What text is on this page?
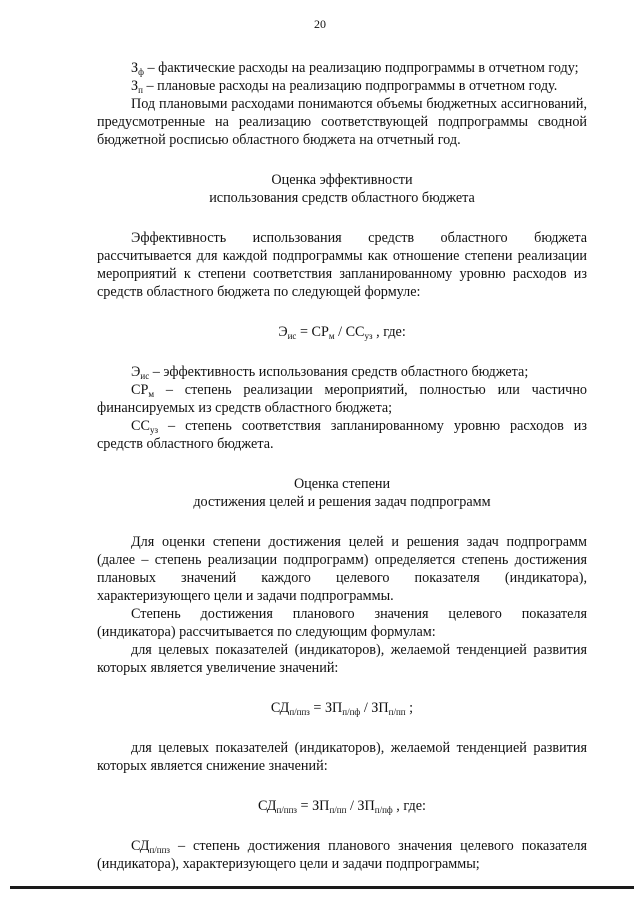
20

$З_ф$ – фактические расходы на реализацию подпрограммы в отчетном году;

$З_п$ – плановые расходы на реализацию подпрограммы в отчетном году.

Под плановыми расходами понимаются объемы бюджетных ассигнований, предусмотренные на реализацию соответствующей подпрограммы сводной бюджетной росписью областного бюджета на отчетный год.

Оценка эффективности

использования средств областного бюджета

Эффективность использования средств областного бюджета рассчитывается для каждой подпрограммы как отношение степени реализации мероприятий к степени соответствия запланированному уровню расходов из средств областного бюджета по следующей формуле:

$Э_{ис} = СР_м / СС_{уз}$ , где:

$Э_{ис}$ – эффективность использования средств областного бюджета;

$СР_м$ – степень реализации мероприятий, полностью или частично финансируемых из средств областного бюджета;

$СС_{уз}$ – степень соответствия запланированному уровню расходов из средств областного бюджета.

Оценка степени

достижения целей и решения задач подпрограмм

Для оценки степени достижения целей и решения задач подпрограмм (далее – степень реализации подпрограмм) определяется степень достижения плановых значений каждого целевого показателя (индикатора), характеризующего цели и задачи подпрограммы.

Степень достижения планового значения целевого показателя (индикатора) рассчитывается по следующим формулам:

для целевых показателей (индикаторов), желаемой тенденцией развития которых является увеличение значений:

$СД_{п/ппз} = ЗП_{п/пф} / ЗП_{п/пп}$ ;

для целевых показателей (индикаторов), желаемой тенденцией развития которых является снижение значений:

$СД_{п/ппз} = ЗП_{п/пп} / ЗП_{п/пф}$ , где:

$СД_{п/ппз}$ – степень достижения планового значения целевого показателя (индикатора), характеризующего цели и задачи подпрограммы;
